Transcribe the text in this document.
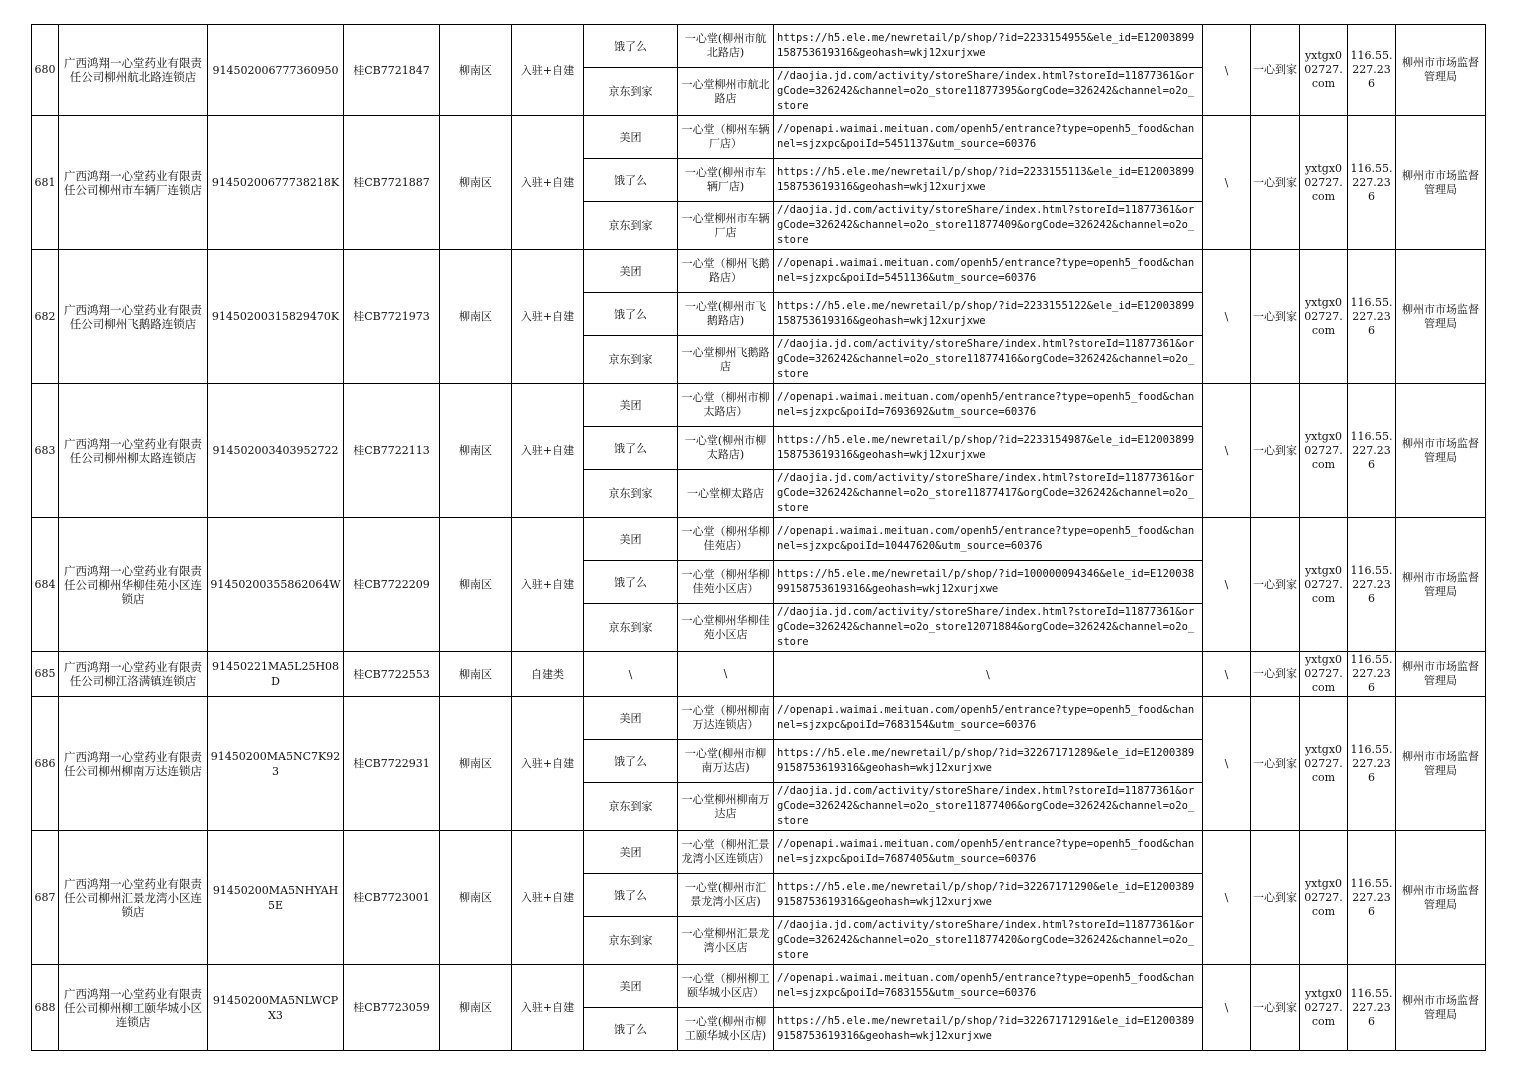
680	广西鸿翔一心堂药业有限责任公司柳州航北路连锁店	914502006777360950	桂CB7721847	柳南区	入驻+自建	饿了么	一心堂(柳州市航北路店)	https://h5.ele.me/newretail/p/shop/?id=2233154955&ele_id=E12003899158753619316&geohash=wkj12xurjxwe	\	一心到家	yxtgx002727.com	116.55.227.236	柳州市市场监督管理局
						京东到家	一心堂柳州市航北路店	//daojia.jd.com/activity/storeShare/index.html?storeId=11877361&orgCode=326242&channel=o2o_store11877395&orgCode=326242&channel=o2o_store					
681	广西鸿翔一心堂药业有限责任公司柳州市车辆厂连锁店	91450200677738218K	桂CB7721887	柳南区	入驻+自建	美团	一心堂（柳州车辆厂店）	//openapi.waimai.meituan.com/openh5/entrance?type=openh5_food&channel=sjzxpc&poiId=5451137&utm_source=60376	\	一心到家	yxtgx002727.com	116.55.227.236	柳州市市场监督管理局
						饿了么	一心堂(柳州市车辆厂店)	https://h5.ele.me/newretail/p/shop/?id=2233155113&ele_id=E12003899158753619316&geohash=wkj12xurjxwe					
						京东到家	一心堂柳州市车辆厂店	//daojia.jd.com/activity/storeShare/index.html?storeId=11877361&orgCode=326242&channel=o2o_store11877409&orgCode=326242&channel=o2o_store					
682	广西鸿翔一心堂药业有限责任公司柳州飞鹅路连锁店	91450200315829470K	桂CB7721973	柳南区	入驻+自建	美团	一心堂（柳州飞鹅路店）	//openapi.waimai.meituan.com/openh5/entrance?type=openh5_food&channel=sjzxpc&poiId=5451136&utm_source=60376	\	一心到家	yxtgx002727.com	116.55.227.236	柳州市市场监督管理局
						饿了么	一心堂(柳州市飞鹅路店)	https://h5.ele.me/newretail/p/shop/?id=2233155122&ele_id=E12003899158753619316&geohash=wkj12xurjxwe					
						京东到家	一心堂柳州飞鹅路店	//daojia.jd.com/activity/storeShare/index.html?storeId=11877361&orgCode=326242&channel=o2o_store11877416&orgCode=326242&channel=o2o_store					
683	广西鸿翔一心堂药业有限责任公司柳州柳太路连锁店	914502003403952722	桂CB7722113	柳南区	入驻+自建	美团	一心堂（柳州市柳太路店）	//openapi.waimai.meituan.com/openh5/entrance?type=openh5_food&channel=sjzxpc&poiId=7693692&utm_source=60376	\	一心到家	yxtgx002727.com	116.55.227.236	柳州市市场监督管理局
						饿了么	一心堂(柳州市柳太路店)	https://h5.ele.me/newretail/p/shop/?id=2233154987&ele_id=E12003899158753619316&geohash=wkj12xurjxwe					
						京东到家	一心堂柳太路店	//daojia.jd.com/activity/storeShare/index.html?storeId=11877361&orgCode=326242&channel=o2o_store11877417&orgCode=326242&channel=o2o_store					
684	广西鸿翔一心堂药业有限责任公司柳州华柳佳苑小区连锁店	91450200355862064W	桂CB7722209	柳南区	入驻+自建	美团	一心堂（柳州华柳佳苑店）	//openapi.waimai.meituan.com/openh5/entrance?type=openh5_food&channel=sjzxpc&poiId=10447620&utm_source=60376	\	一心到家	yxtgx002727.com	116.55.227.236	柳州市市场监督管理局
						饿了么	一心堂（柳州华柳佳苑小区店）	https://h5.ele.me/newretail/p/shop/?id=100000094346&ele_id=E12003899158753619316&geohash=wkj12xurjxwe					
						京东到家	一心堂柳州华柳佳苑小区店	//daojia.jd.com/activity/storeShare/index.html?storeId=11877361&orgCode=326242&channel=o2o_store12071884&orgCode=326242&channel=o2o_store					
685	广西鸿翔一心堂药业有限责任公司柳江洛满镇连锁店	91450221MA5L25H08D	桂CB7722553	柳南区	自建类	\	\	\	\	一心到家	yxtgx002727.com	116.55.227.236	柳州市市场监督管理局
686	广西鸿翔一心堂药业有限责任公司柳州柳南万达连锁店	91450200MA5NC7K923	桂CB7722931	柳南区	入驻+自建	美团	一心堂（柳州柳南万达连锁店）	//openapi.waimai.meituan.com/openh5/entrance?type=openh5_food&channel=sjzxpc&poiId=7683154&utm_source=60376	\	一心到家	yxtgx002727.com	116.55.227.236	柳州市市场监督管理局
						饿了么	一心堂(柳州市柳南万达店)	https://h5.ele.me/newretail/p/shop/?id=32267171289&ele_id=E12003899158753619316&geohash=wkj12xurjxwe					
						京东到家	一心堂柳州柳南万达店	//daojia.jd.com/activity/storeShare/index.html?storeId=11877361&orgCode=326242&channel=o2o_store11877406&orgCode=326242&channel=o2o_store					
687	广西鸿翔一心堂药业有限责任公司柳州汇景龙湾小区连锁店	91450200MA5NHYAH5E	桂CB7723001	柳南区	入驻+自建	美团	一心堂（柳州汇景龙湾小区连锁店）	//openapi.waimai.meituan.com/openh5/entrance?type=openh5_food&channel=sjzxpc&poiId=7687405&utm_source=60376	\	一心到家	yxtgx002727.com	116.55.227.236	柳州市市场监督管理局
						饿了么	一心堂(柳州市汇景龙湾小区店)	https://h5.ele.me/newretail/p/shop/?id=32267171290&ele_id=E12003899158753619316&geohash=wkj12xurjxwe					
						京东到家	一心堂柳州汇景龙湾小区店	//daojia.jd.com/activity/storeShare/index.html?storeId=11877361&orgCode=326242&channel=o2o_store11877420&orgCode=326242&channel=o2o_store					
688	广西鸿翔一心堂药业有限责任公司柳州柳工颐华城小区连锁店	91450200MA5NLWCPX3	桂CB7723059	柳南区	入驻+自建	美团	一心堂（柳州柳工颐华城小区店）	//openapi.waimai.meituan.com/openh5/entrance?type=openh5_food&channel=sjzxpc&poiId=7683155&utm_source=60376	\	一心到家	yxtgx002727.com	116.55.227.236	柳州市市场监督管理局
						饿了么	一心堂(柳州市柳工颐华城小区店)	https://h5.ele.me/newretail/p/shop/?id=32267171291&ele_id=E12003899158753619316&geohash=wkj12xurjxwe					
